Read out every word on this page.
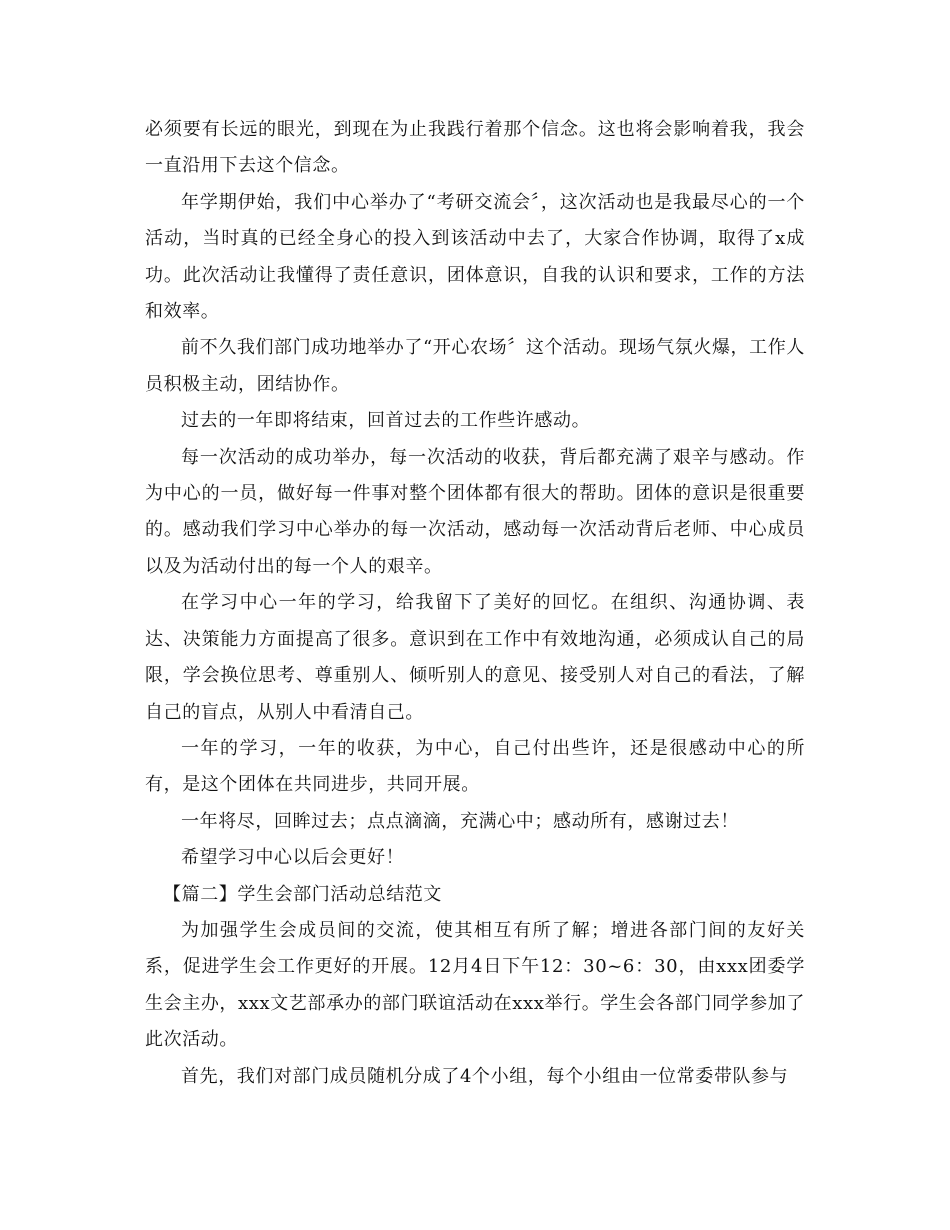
必须要有长远的眼光，到现在为止我践行着那个信念。这也将会影响着我，我会一直沿用下去这个信念。

年学期伊始，我们中心举办了“考研交流会〞，这次活动也是我最尽心的一个活动，当时真的已经全身心的投入到该活动中去了，大家合作协调，取得了x成功。此次活动让我懂得了责任意识，团体意识，自我的认识和要求，工作的方法和效率。

前不久我们部门成功地举办了“开心农场〞这个活动。现场气氛火爆，工作人员积极主动，团结协作。

过去的一年即将结束，回首过去的工作些许感动。

每一次活动的成功举办，每一次活动的收获，背后都充满了艰辛与感动。作为中心的一员，做好每一件事对整个团体都有很大的帮助。团体的意识是很重要的。感动我们学习中心举办的每一次活动，感动每一次活动背后老师、中心成员以及为活动付出的每一个人的艰辛。

在学习中心一年的学习，给我留下了美好的回忆。在组织、沟通协调、表达、决策能力方面提高了很多。意识到在工作中有效地沟通，必须成认自己的局限，学会换位思考、尊重别人、倾听别人的意见、接受别人对自己的看法，了解自己的盲点，从别人中看清自己。

一年的学习，一年的收获，为中心，自己付出些许，还是很感动中心的所有，是这个团体在共同进步，共同开展。

一年将尽，回眸过去；点点滴滴，充满心中；感动所有，感谢过去！

希望学习中心以后会更好！

【篇二】学生会部门活动总结范文

为加强学生会成员间的交流，使其相互有所了解；增进各部门间的友好关系，促进学生会工作更好的开展。12月4日下午12：30~6：30，由xxx团委学生会主办，xxx文艺部承办的部门联谊活动在xxx举行。学生会各部门同学参加了此次活动。

首先，我们对部门成员随机分成了4个小组，每个小组由一位常委带队参与
